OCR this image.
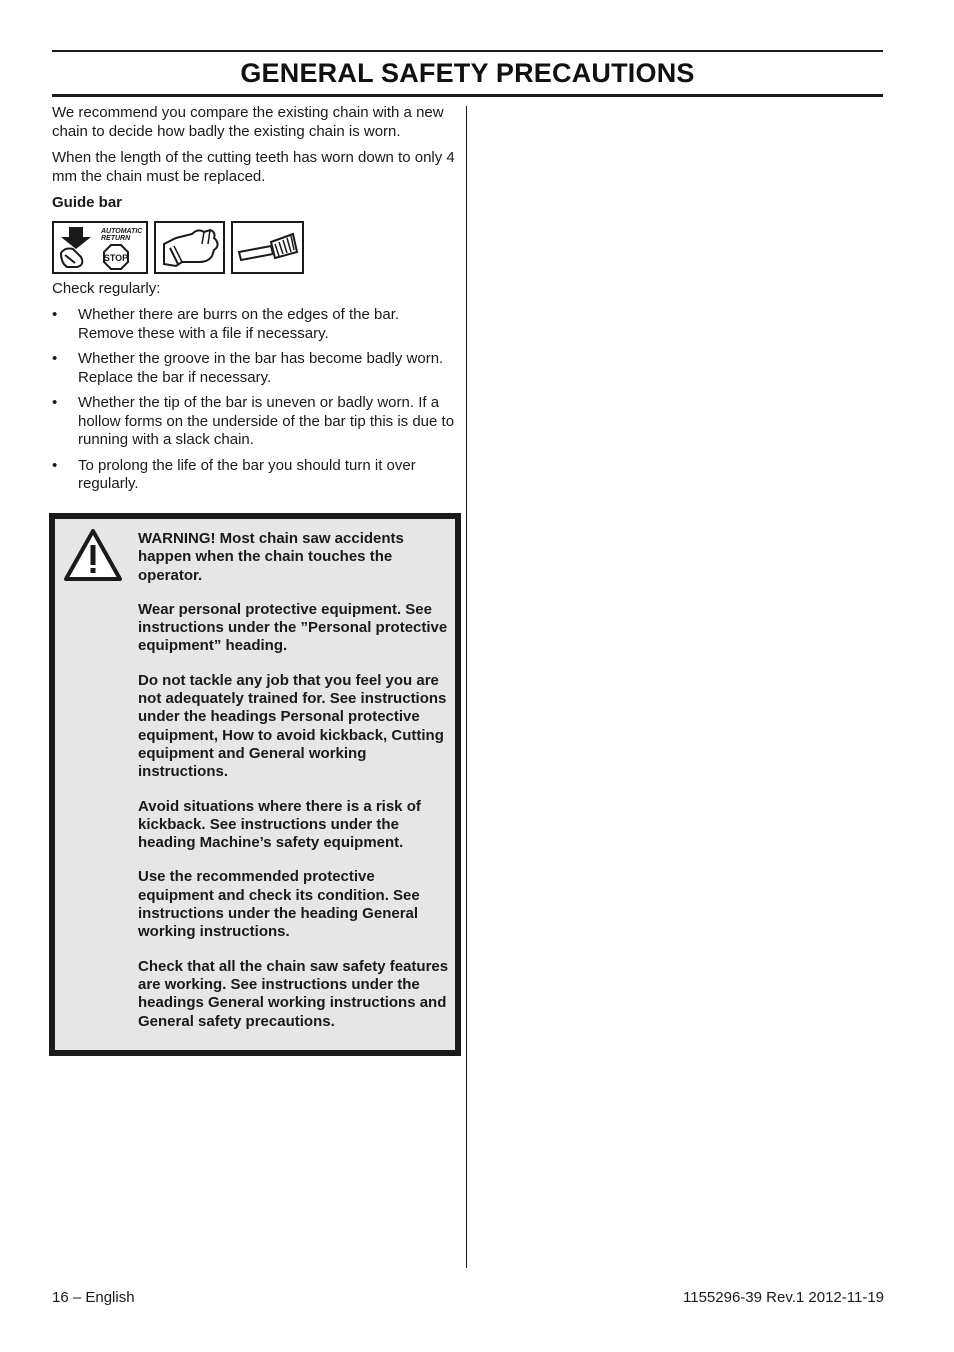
GENERAL SAFETY PRECAUTIONS

We recommend you compare the existing chain with a new chain to decide how badly the existing chain is worn.

When the length of the cutting teeth has worn down to only 4 mm the chain must be replaced.

Guide bar

AUTOMATIC
RETURN
STOP

Check regularly:

• Whether there are burrs on the edges of the bar. Remove these with a file if necessary.
• Whether the groove in the bar has become badly worn. Replace the bar if necessary.
• Whether the tip of the bar is uneven or badly worn. If a hollow forms on the underside of the bar tip this is due to running with a slack chain.
• To prolong the life of the bar you should turn it over regularly.

WARNING! Most chain saw accidents happen when the chain touches the operator.

Wear personal protective equipment. See instructions under the ”Personal protective equipment” heading.

Do not tackle any job that you feel you are not adequately trained for. See instructions under the headings Personal protective equipment, How to avoid kickback, Cutting equipment and General working instructions.

Avoid situations where there is a risk of kickback. See instructions under the heading Machine’s safety equipment.

Use the recommended protective equipment and check its condition. See instructions under the heading General working instructions.

Check that all the chain saw safety features are working. See instructions under the headings General working instructions and General safety precautions.

16 – English	1155296-39 Rev.1 2012-11-19
